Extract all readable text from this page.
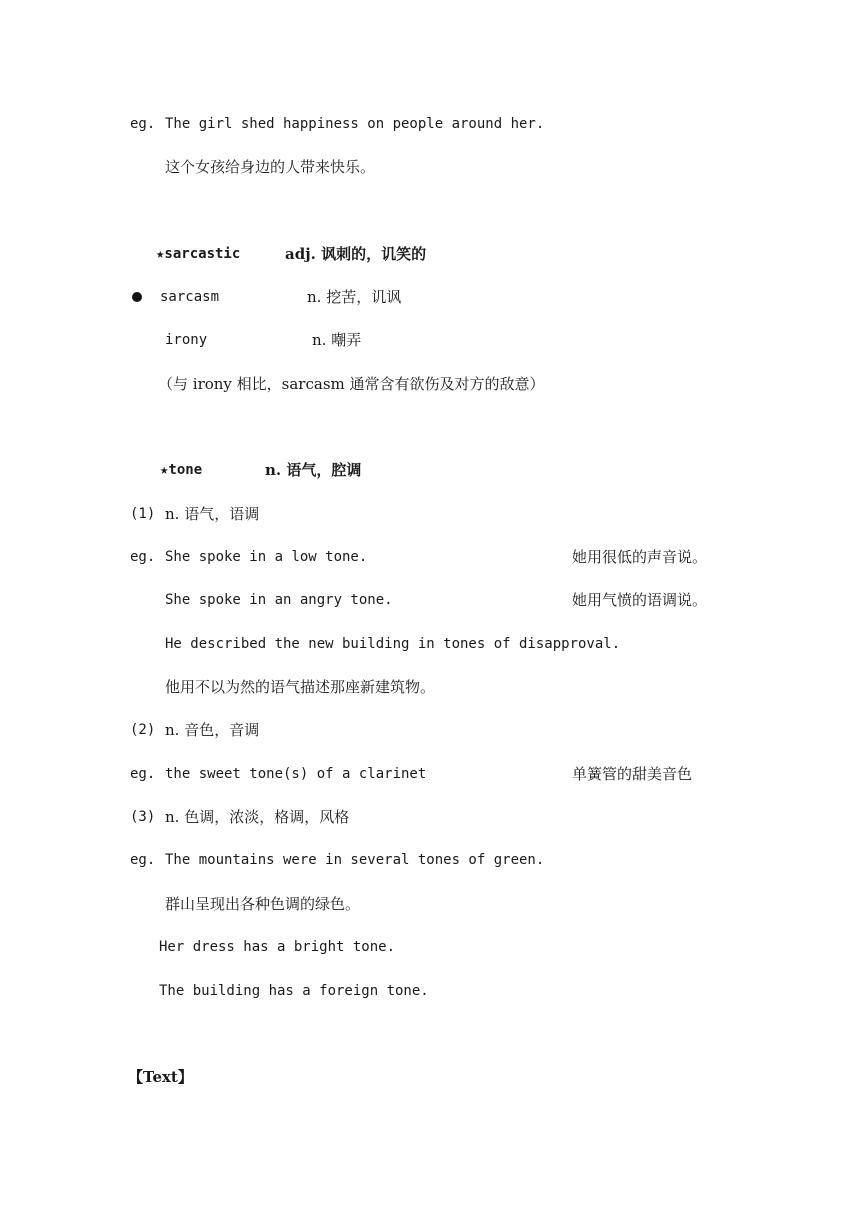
eg. The girl shed happiness on people around her.
这个女孩给身边的人带来快乐。
★sarcastic	adj. 讽刺的，讥笑的
sarcasm	n. 挖苦，讥讽
irony	n. 嘲弄
（与 irony 相比，sarcasm 通常含有欲伤及对方的敌意）
★tone	n. 语气，腔调
(1) n. 语气，语调
eg. She spoke in a low tone.	她用很低的声音说。
She spoke in an angry tone.	她用气愤的语调说。
He described the new building in tones of disapproval.
他用不以为然的语气描述那座新建筑物。
(2) n. 音色，音调
eg. the sweet tone(s) of a clarinet	单簧管的甜美音色
(3) n. 色调，浓淡，格调，风格
eg. The mountains were in several tones of green.
群山呈现出各种色调的绿色。
Her dress has a bright tone.
The building has a foreign tone.
【Text】
